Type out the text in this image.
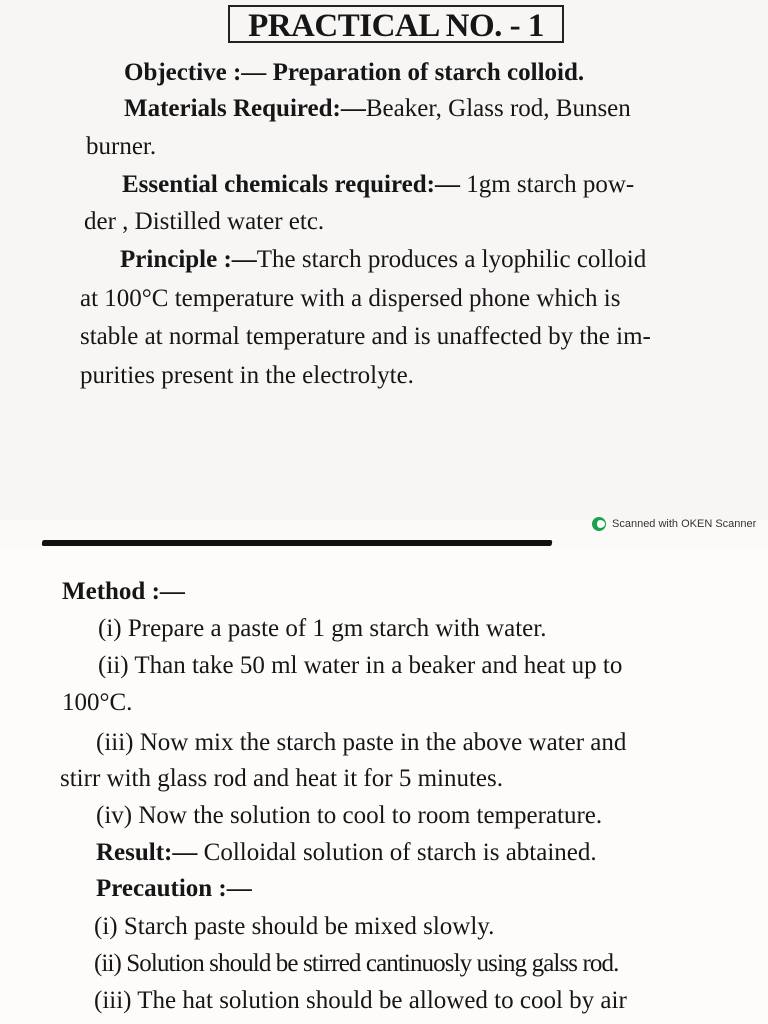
PRACTICAL NO. - 1
Objective :— Preparation of starch colloid.
Materials Required:—Beaker, Glass rod, Bunsen
burner.
Essential chemicals required:— 1gm starch pow-
der , Distilled water etc.
Principle :—The starch produces a lyophilic colloid
at 100°C temperature with a dispersed phone which is
stable at normal temperature and is unaffected by the im-
purities present in the electrolyte.
Scanned with OKEN Scanner
Method :—
(i) Prepare a paste of 1 gm starch with water.
(ii) Than take 50 ml water in a beaker and heat up to
100°C.
(iii) Now mix the starch paste in the above water and
stirr with glass rod and heat it for 5 minutes.
(iv) Now the solution to cool to room temperature.
Result:— Colloidal solution of starch is abtained.
Precaution :—
(i) Starch paste should be mixed slowly.
(ii) Solution should be stirred cantinuosly using galss rod.
(iii) The hat solution should be allowed to cool by air
